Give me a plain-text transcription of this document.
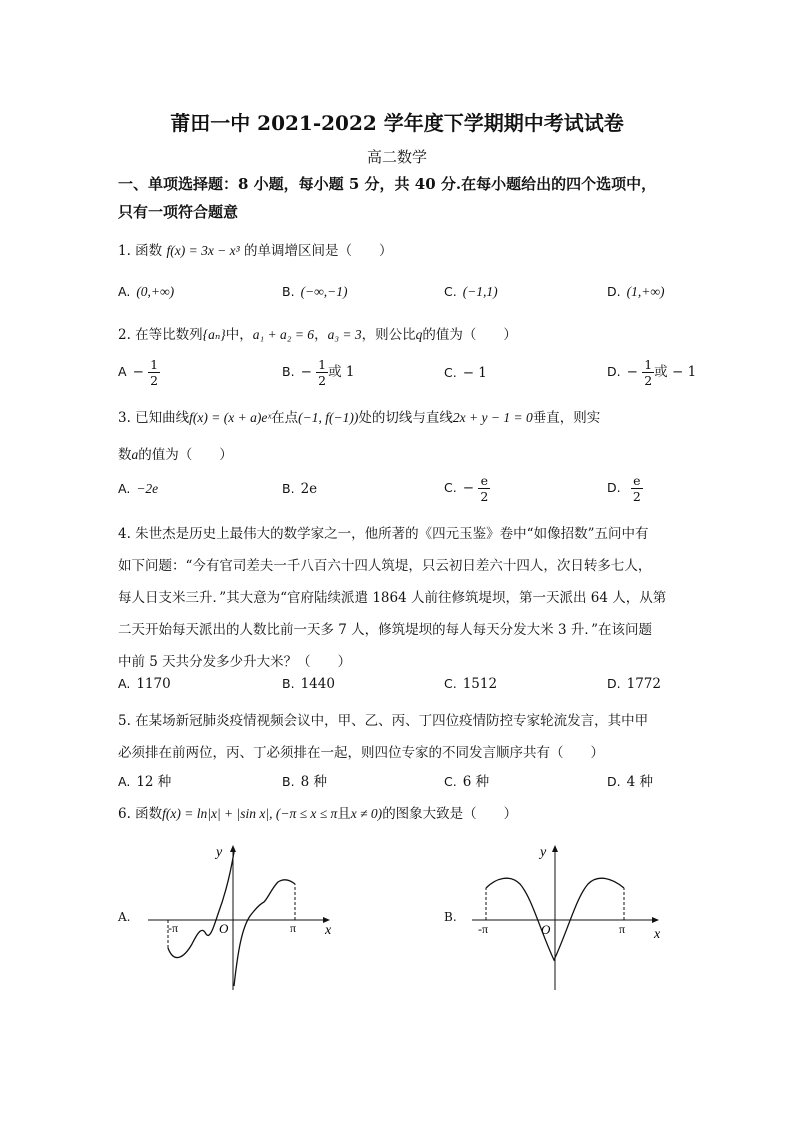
莆田一中 2021-2022 学年度下学期期中考试试卷
高二数学
一、单项选择题：8 小题，每小题 5 分，共 40 分.在每小题给出的四个选项中，
只有一项符合题意
1. 函数 f(x) = 3x − x³ 的单调增区间是（　　）
A. (0,+∞)	B. (−∞,−1)	C. (−1,1)	D. (1,+∞)
2. 在等比数列{aₙ}中，a₁ + a₂ = 6，a₃ = 3，则公比q的值为（　　）
$A - \frac{1}{2}$	B. − $\frac{1}{2}$ 或 1	C. − 1	D. − $\frac{1}{2}$ 或 − 1
3. 已知曲线f(x) = (x + a)eˣ在点(−1, f(−1))处的切线与直线2x + y − 1 = 0垂直，则实
数a的值为（　　）
A. −2e	B. 2e	C. − $\frac{e}{2}$	D. $\frac{e}{2}$
4. 朱世杰是历史上最伟大的数学家之一，他所著的《四元玉鉴》卷中“如像招数”五问中有
如下问题：“今有官司差夫一千八百六十四人筑堤，只云初日差六十四人，次日转多七人，
每人日支米三升．”其大意为“官府陆续派遣 1864 人前往修筑堤坝，第一天派出 64 人，从第
二天开始每天派出的人数比前一天多 7 人，修筑堤坝的每人每天分发大米 3 升．”在该问题
中前 5 天共分发多少升大米？（　　）
A. 1170	B. 1440	C. 1512	D. 1772
5. 在某场新冠肺炎疫情视频会议中，甲、乙、丙、丁四位疫情防控专家轮流发言，其中甲
必须排在前两位，丙、丁必须排在一起，则四位专家的不同发言顺序共有（　　）
A. 12 种	B. 8 种	C. 6 种	D. 4 种
6. 函数f(x) = ln|x| + |sin x|, (−π ≤ x ≤ π且x ≠ 0)的图象大致是（　　）
A.
y
x
O
-π	π
B.
y
x
O
-π	π
